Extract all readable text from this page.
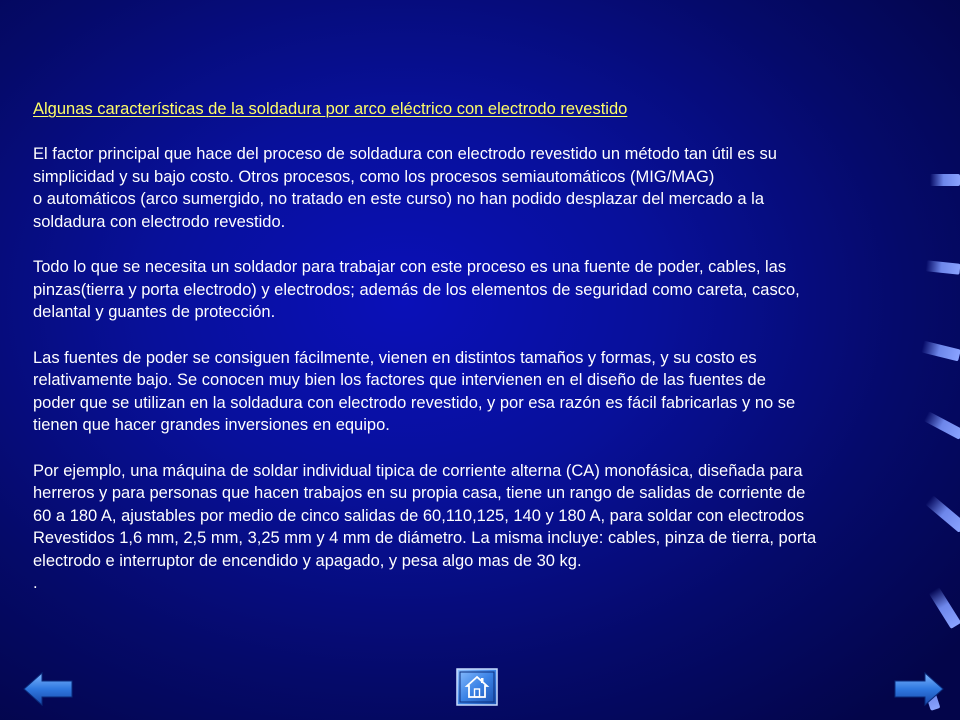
Algunas características de la soldadura por arco eléctrico con electrodo revestido

El factor principal que hace del proceso de soldadura con electrodo revestido un método tan útil es su
simplicidad y su bajo costo. Otros procesos, como los procesos semiautomáticos (MIG/MAG)
o automáticos (arco sumergido, no tratado en este curso) no han podido desplazar del mercado a la
soldadura con electrodo revestido.

Todo lo que se necesita un soldador para trabajar con este proceso es una fuente de poder, cables, las
pinzas(tierra y porta electrodo) y electrodos; además de los elementos de seguridad como careta, casco,
delantal y guantes de protección.

Las fuentes de poder se consiguen fácilmente, vienen en distintos tamaños y formas, y su costo es
relativamente bajo. Se conocen muy bien los factores que intervienen en el diseño de las fuentes de
poder que se utilizan en la soldadura con electrodo revestido, y por esa razón es fácil fabricarlas y no se
tienen que hacer grandes inversiones en equipo.

Por ejemplo, una máquina de soldar individual tipica de corriente alterna (CA) monofásica, diseñada para
herreros y para personas que hacen trabajos en su propia casa, tiene un rango de salidas de corriente de
60 a 180 A, ajustables por medio de cinco salidas de 60,110,125, 140 y 180 A, para soldar con electrodos
Revestidos 1,6 mm, 2,5 mm, 3,25 mm y 4 mm de diámetro. La misma incluye: cables, pinza de tierra, porta
electrodo e interruptor de encendido y apagado, y pesa algo mas de 30 kg.

.
